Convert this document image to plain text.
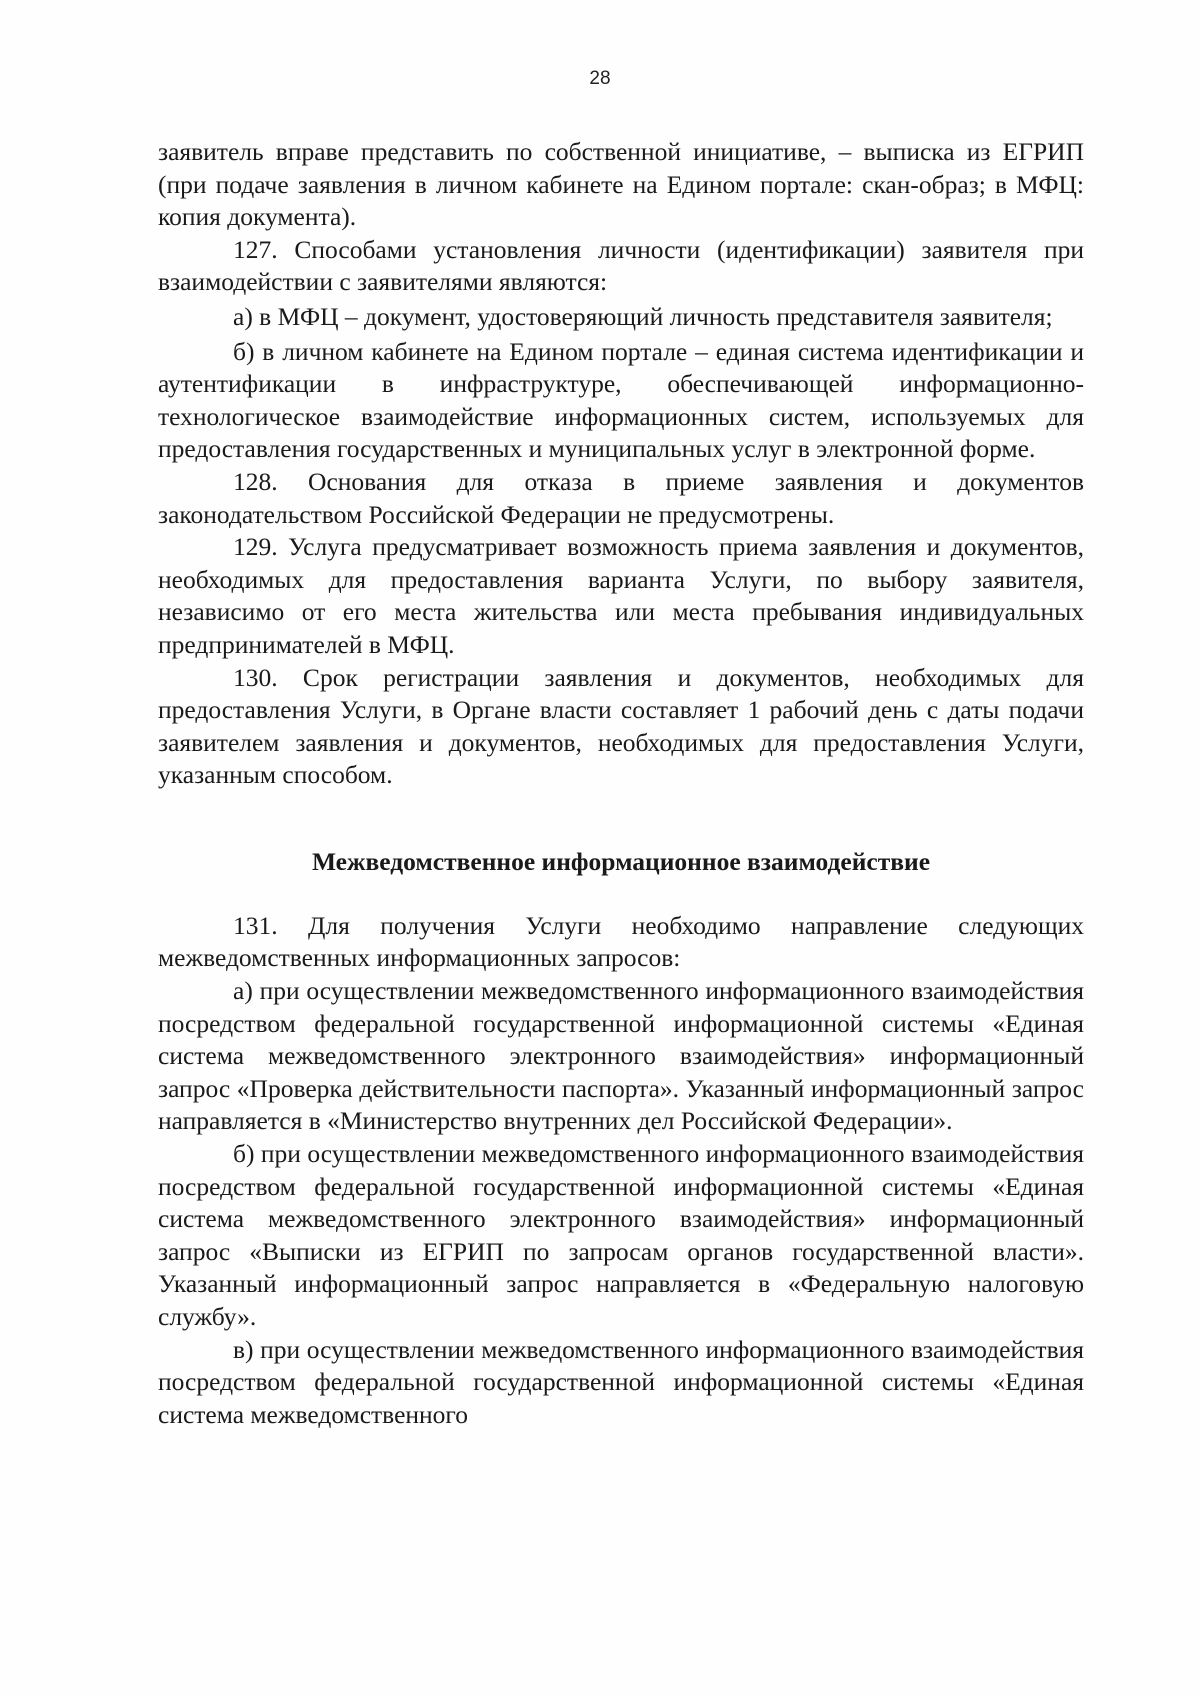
28

заявитель вправе представить по собственной инициативе, – выписка из ЕГРИП (при подаче заявления в личном кабинете на Едином портале: скан-образ; в МФЦ: копия документа).

127. Способами установления личности (идентификации) заявителя при взаимодействии с заявителями являются:

а) в МФЦ – документ, удостоверяющий личность представителя заявителя;

б) в личном кабинете на Едином портале – единая система идентификации и аутентификации в инфраструктуре, обеспечивающей информационно-технологическое взаимодействие информационных систем, используемых для предоставления государственных и муниципальных услуг в электронной форме.

128. Основания для отказа в приеме заявления и документов законодательством Российской Федерации не предусмотрены.

129. Услуга предусматривает возможность приема заявления и документов, необходимых для предоставления варианта Услуги, по выбору заявителя, независимо от его места жительства или места пребывания индивидуальных предпринимателей в МФЦ.

130. Срок регистрации заявления и документов, необходимых для предоставления Услуги, в Органе власти составляет 1 рабочий день с даты подачи заявителем заявления и документов, необходимых для предоставления Услуги, указанным способом.

Межведомственное информационное взаимодействие

131. Для получения Услуги необходимо направление следующих межведомственных информационных запросов:

а) при осуществлении межведомственного информационного взаимодействия посредством федеральной государственной информационной системы «Единая система межведомственного электронного взаимодействия» информационный запрос «Проверка действительности паспорта». Указанный информационный запрос направляется в «Министерство внутренних дел Российской Федерации».

б) при осуществлении межведомственного информационного взаимодействия посредством федеральной государственной информационной системы «Единая система межведомственного электронного взаимодействия» информационный запрос «Выписки из ЕГРИП по запросам органов государственной власти». Указанный информационный запрос направляется в «Федеральную налоговую службу».

в) при осуществлении межведомственного информационного взаимодействия посредством федеральной государственной информационной системы «Единая система межведомственного
